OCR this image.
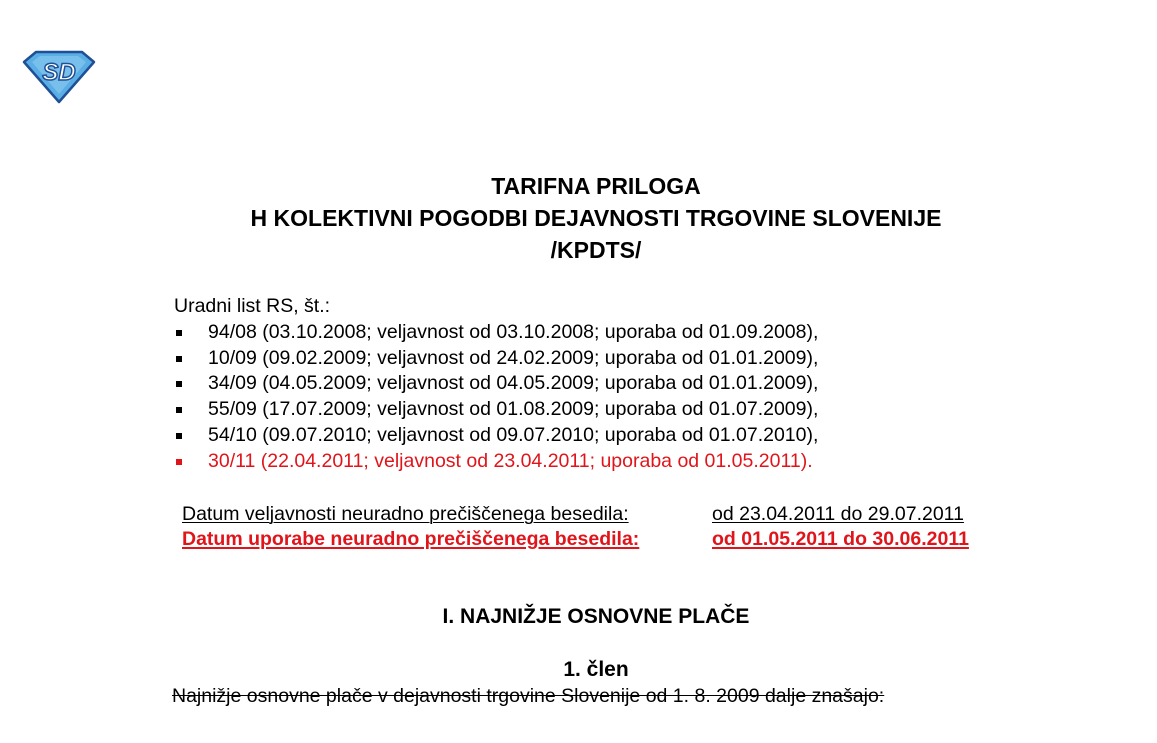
SD
TARIFNA PRILOGA
H KOLEKTIVNI POGODBI DEJAVNOSTI TRGOVINE SLOVENIJE
/KPDTS/
Uradni list RS, št.:
94/08 (03.10.2008; veljavnost od 03.10.2008; uporaba od 01.09.2008),
10/09 (09.02.2009; veljavnost od 24.02.2009; uporaba od 01.01.2009),
34/09 (04.05.2009; veljavnost od 04.05.2009; uporaba od 01.01.2009),
55/09 (17.07.2009; veljavnost od 01.08.2009; uporaba od 01.07.2009),
54/10 (09.07.2010; veljavnost od 09.07.2010; uporaba od 01.07.2010),
30/11 (22.04.2011; veljavnost od 23.04.2011; uporaba od 01.05.2011).
Datum veljavnosti neuradno prečiščenega besedila:	od 23.04.2011 do 29.07.2011
Datum uporabe neuradno prečiščenega besedila:	od 01.05.2011 do 30.06.2011
I. NAJNIŽJE OSNOVNE PLAČE
1. člen
Najnižje osnovne plače v dejavnosti trgovine Slovenije od 1. 8. 2009 dalje znašajo:
